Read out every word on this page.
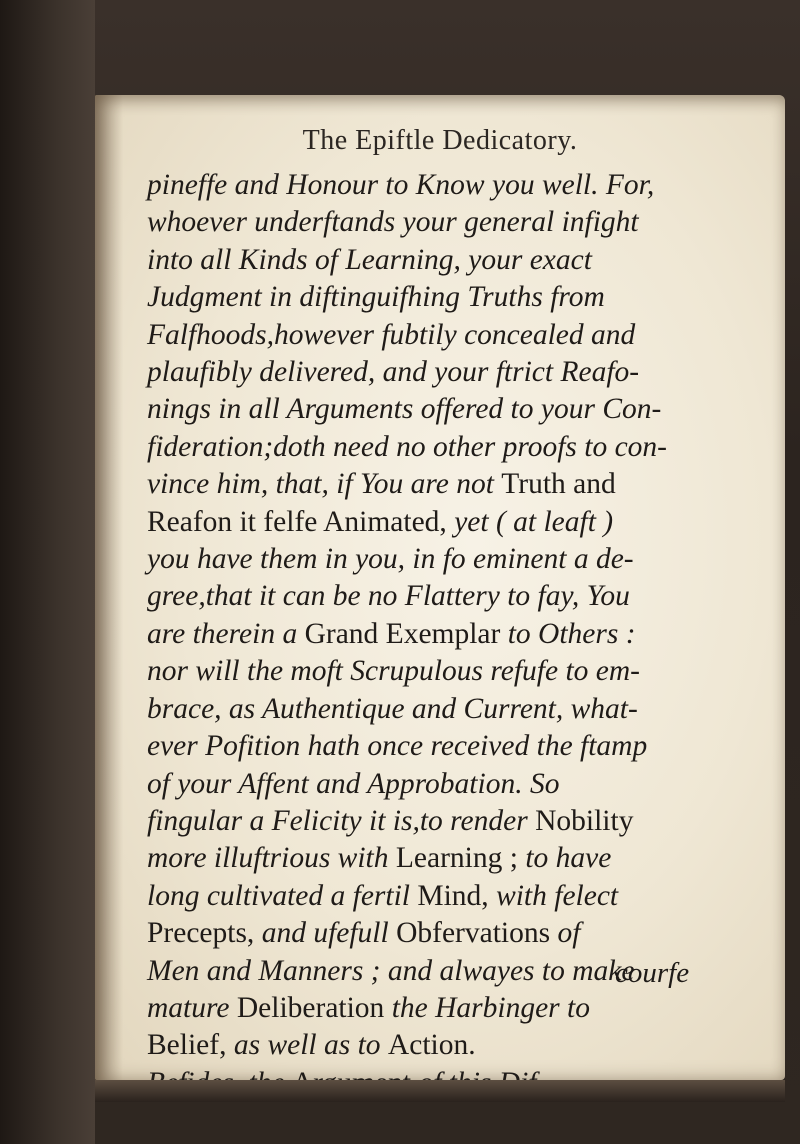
The Epiftle Dedicatory.
pineffe and Honour to Know you well. For,
whoever underftands your general infight
into all Kinds of Learning, your exact
Judgment in diftinguifhing Truths from
Falfhoods,however fubtily concealed and
plaufibly delivered, and your ftrict Reafo-
nings in all Arguments offered to your Con-
fideration;doth need no other proofs to con-
vince him, that, if You are not Truth and
Reafon it felfe Animated, yet ( at leaft )
you have them in you, in fo eminent a de-
gree,that it can be no Flattery to fay, You
are therein a Grand Exemplar to Others :
nor will the moft Scrupulous refufe to em-
brace, as Authentique and Current, what-
ever Pofition hath once received the ftamp
of your Affent and Approbation. So
fingular a Felicity it is,to render Nobility
more illuftrious with Learning ; to have
long cultivated a fertil Mind, with felect
Precepts, and ufefull Obfervations of
Men and Manners ; and alwayes to make
mature Deliberation the Harbinger to
Belief, as well as to Action.
courfe
